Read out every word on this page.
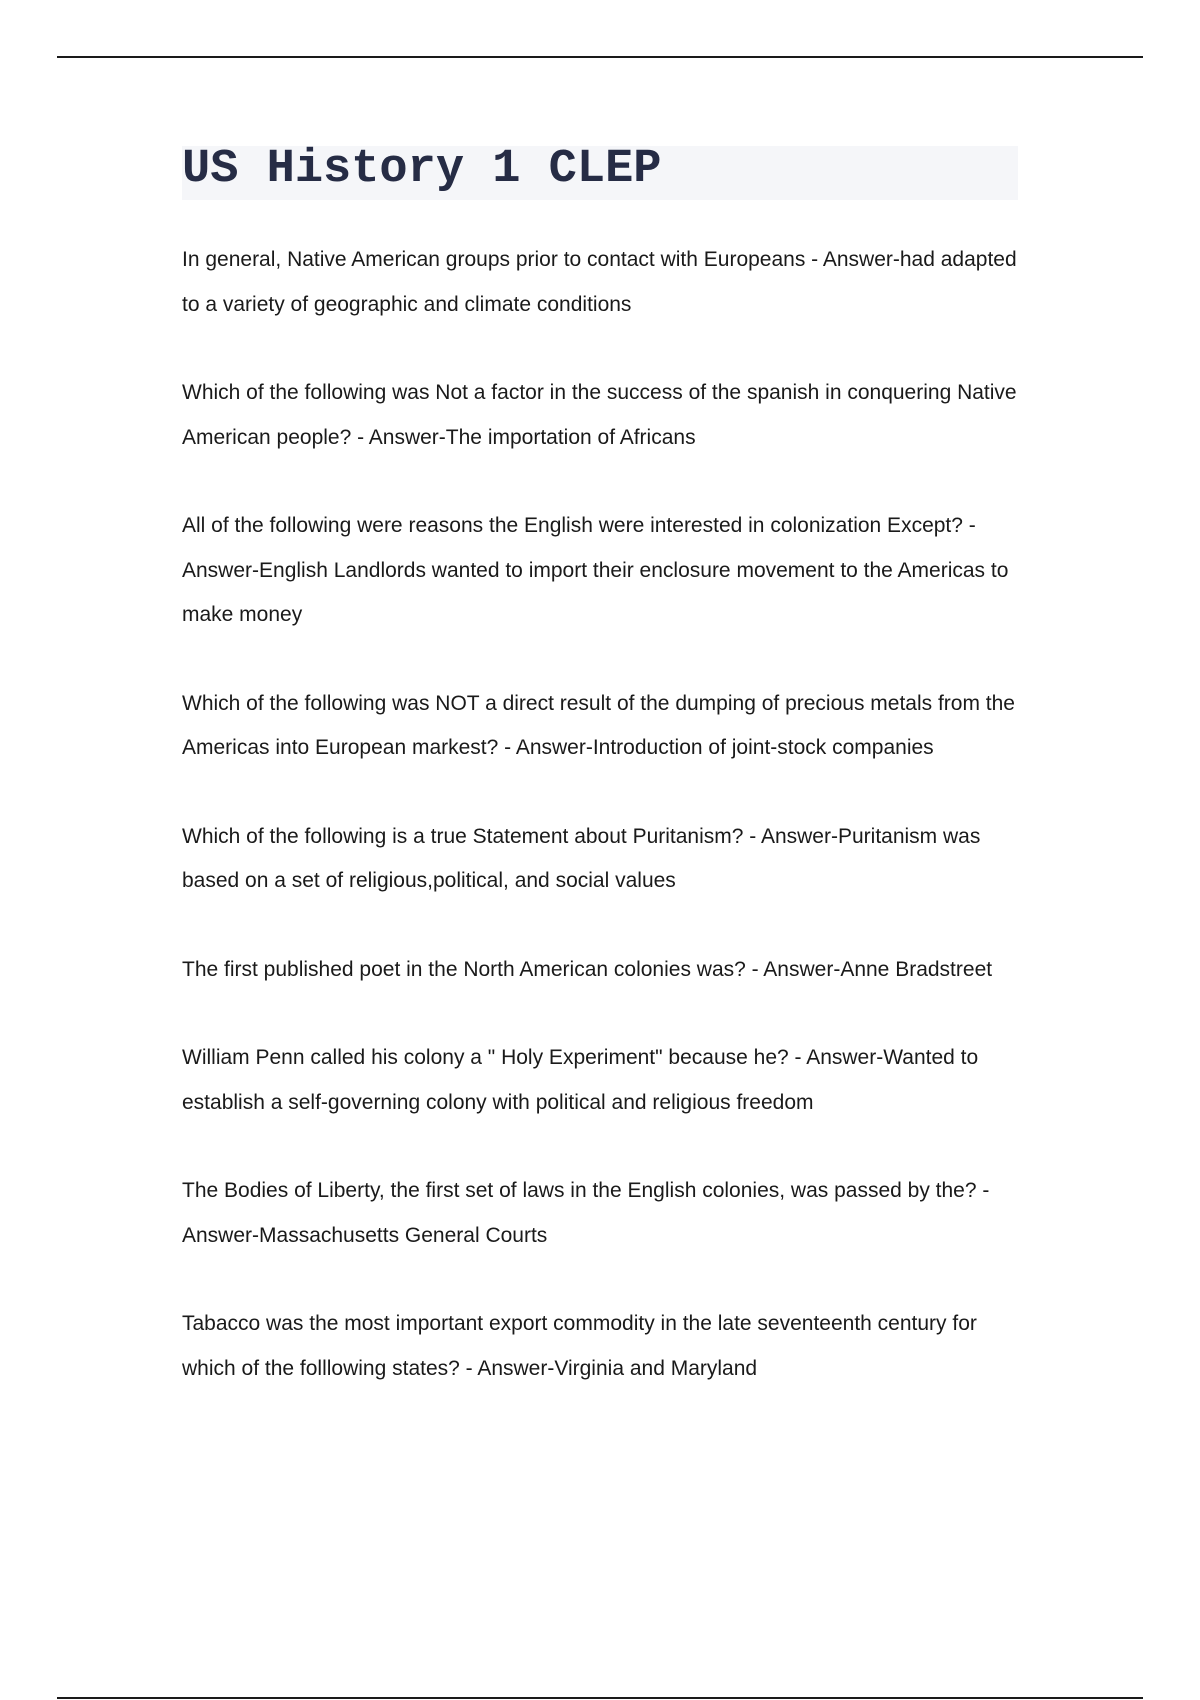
US History 1 CLEP

In general, Native American groups prior to contact with Europeans - Answer-had adapted to a variety of geographic and climate conditions

Which of the following was Not a factor in the success of the spanish in conquering Native American people? - Answer-The importation of Africans

All of the following were reasons the English were interested in colonization Except? - Answer-English Landlords wanted to import their enclosure movement to the Americas to make money

Which of the following was NOT a direct result of the dumping of precious metals from the Americas into European markest? - Answer-Introduction of joint-stock companies

Which of the following is a true Statement about Puritanism? - Answer-Puritanism was based on a set of religious,political, and social values

The first published poet in the North American colonies was? - Answer-Anne Bradstreet

William Penn called his colony a " Holy Experiment" because he? - Answer-Wanted to establish a self-governing colony with political and religious freedom

The Bodies of Liberty, the first set of laws in the English colonies, was passed by the? - Answer-Massachusetts General Courts

Tabacco was the most important export commodity in the late seventeenth century for which of the folllowing states? - Answer-Virginia and Maryland
